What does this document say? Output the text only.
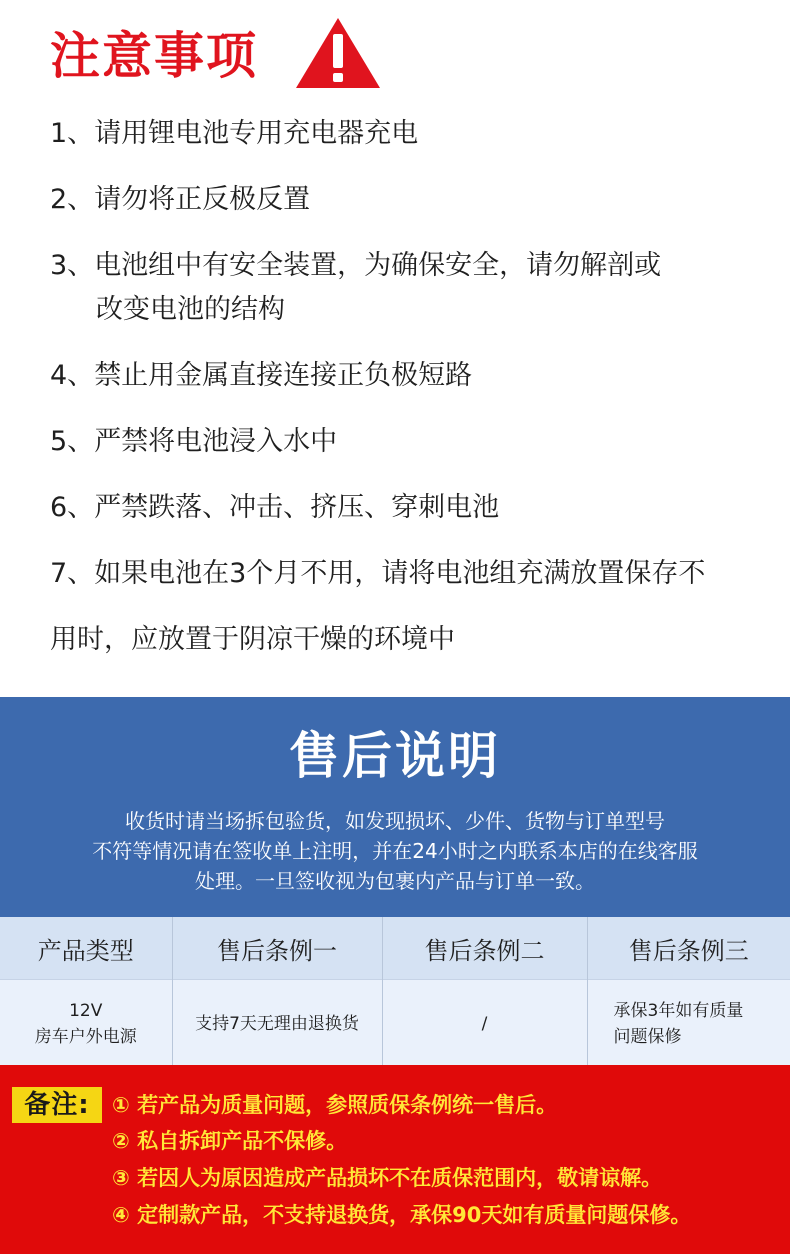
注意事项
1、请用锂电池专用充电器充电
2、请勿将正反极反置
3、电池组中有安全装置，为确保安全，请勿解剖或
改变电池的结构
4、禁止用金属直接连接正负极短路
5、严禁将电池浸入水中
6、严禁跌落、冲击、挤压、穿刺电池
7、如果电池在3个月不用，请将电池组充满放置保存不
用时，应放置于阴凉干燥的环境中
售后说明
收货时请当场拆包验货，如发现损坏、少件、货物与订单型号
不符等情况请在签收单上注明，并在24小时之内联系本店的在线客服
处理。一旦签收视为包裹内产品与订单一致。
产品类型	售后条例一	售后条例二	售后条例三

12V
房车户外电源	支持7天无理由退换货	/	承保3年如有质量
问题保修
备注:	① 若产品为质量问题，参照质保条例统一售后。
② 私自拆卸产品不保修。
③ 若因人为原因造成产品损坏不在质保范围内，敬请谅解。
④ 定制款产品，不支持退换货，承保90天如有质量问题保修。
